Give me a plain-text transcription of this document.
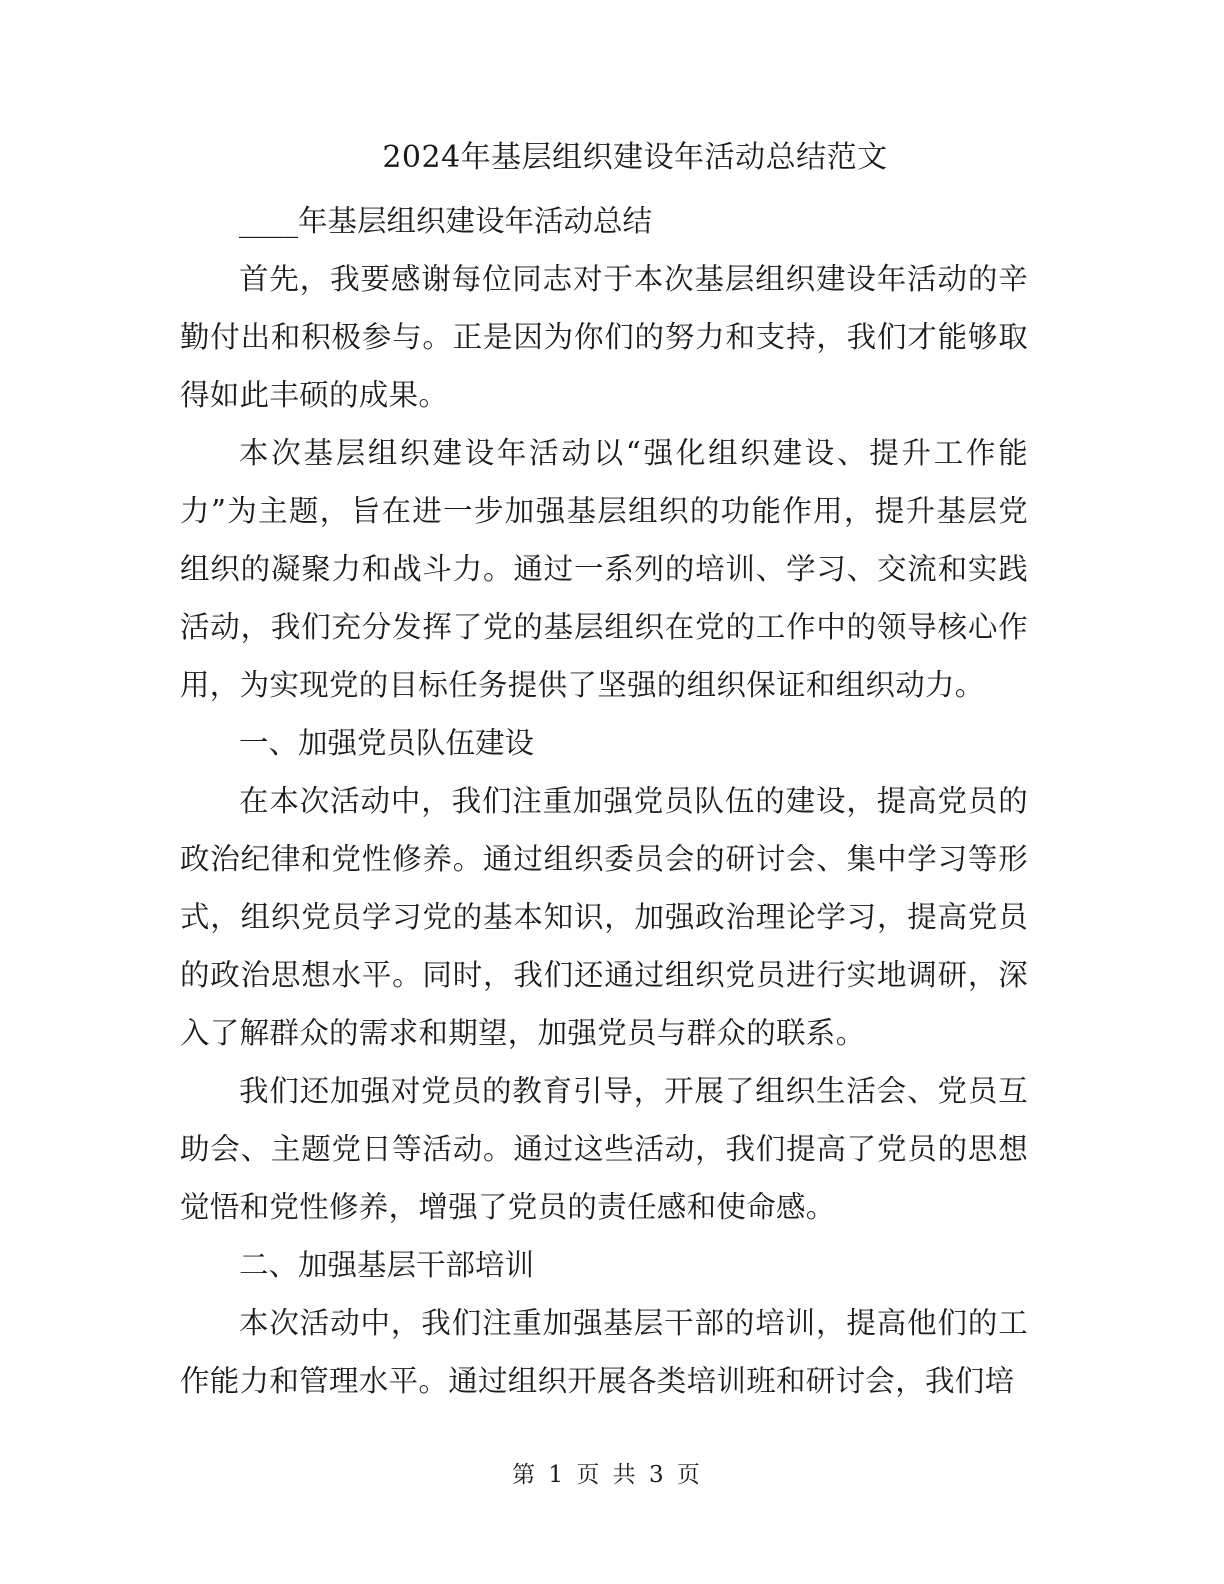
2024年基层组织建设年活动总结范文

____年基层组织建设年活动总结

首先，我要感谢每位同志对于本次基层组织建设年活动的辛勤付出和积极参与。正是因为你们的努力和支持，我们才能够取得如此丰硕的成果。

本次基层组织建设年活动以“强化组织建设、提升工作能力”为主题，旨在进一步加强基层组织的功能作用，提升基层党组织的凝聚力和战斗力。通过一系列的培训、学习、交流和实践活动，我们充分发挥了党的基层组织在党的工作中的领导核心作用，为实现党的目标任务提供了坚强的组织保证和组织动力。

一、加强党员队伍建设

在本次活动中，我们注重加强党员队伍的建设，提高党员的政治纪律和党性修养。通过组织委员会的研讨会、集中学习等形式，组织党员学习党的基本知识，加强政治理论学习，提高党员的政治思想水平。同时，我们还通过组织党员进行实地调研，深入了解群众的需求和期望，加强党员与群众的联系。

我们还加强对党员的教育引导，开展了组织生活会、党员互助会、主题党日等活动。通过这些活动，我们提高了党员的思想觉悟和党性修养，增强了党员的责任感和使命感。

二、加强基层干部培训

本次活动中，我们注重加强基层干部的培训，提高他们的工作能力和管理水平。通过组织开展各类培训班和研讨会，我们培

第 1 页 共 3 页
